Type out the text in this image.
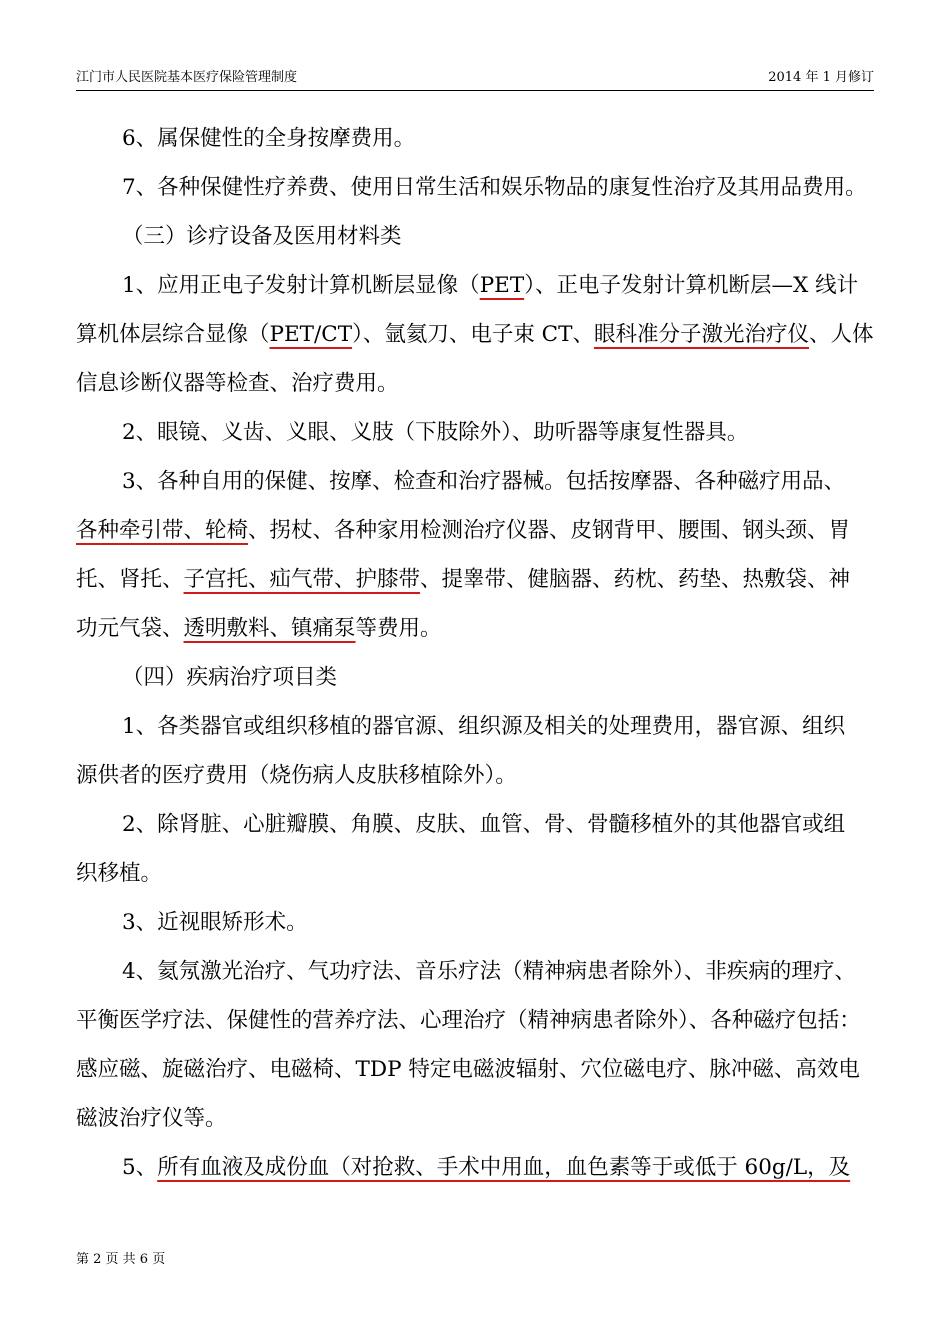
江门市人民医院基本医疗保险管理制度	2014 年 1 月修订

6、属保健性的全身按摩费用。

7、各种保健性疗养费、使用日常生活和娱乐物品的康复性治疗及其用品费用。

（三）诊疗设备及医用材料类

1、应用正电子发射计算机断层显像（PET）、正电子发射计算机断层—X 线计

算机体层综合显像（PET/CT）、氩氦刀、电子束 CT、眼科准分子激光治疗仪、人体

信息诊断仪器等检查、治疗费用。

2、眼镜、义齿、义眼、义肢（下肢除外）、助听器等康复性器具。

3、各种自用的保健、按摩、检查和治疗器械。包括按摩器、各种磁疗用品、

各种牵引带、轮椅、拐杖、各种家用检测治疗仪器、皮钢背甲、腰围、钢头颈、胃

托、肾托、子宫托、疝气带、护膝带、提睾带、健脑器、药枕、药垫、热敷袋、神

功元气袋、透明敷料、镇痛泵等费用。

（四）疾病治疗项目类

1、各类器官或组织移植的器官源、组织源及相关的处理费用，器官源、组织

源供者的医疗费用（烧伤病人皮肤移植除外）。

2、除肾脏、心脏瓣膜、角膜、皮肤、血管、骨、骨髓移植外的其他器官或组

织移植。

3、近视眼矫形术。

4、氦氖激光治疗、气功疗法、音乐疗法（精神病患者除外）、非疾病的理疗、

平衡医学疗法、保健性的营养疗法、心理治疗（精神病患者除外）、各种磁疗包括：

感应磁、旋磁治疗、电磁椅、TDP 特定电磁波辐射、穴位磁电疗、脉冲磁、高效电

磁波治疗仪等。

5、所有血液及成份血（对抢救、手术中用血，血色素等于或低于 60g/L，及

第 2 页 共 6 页
